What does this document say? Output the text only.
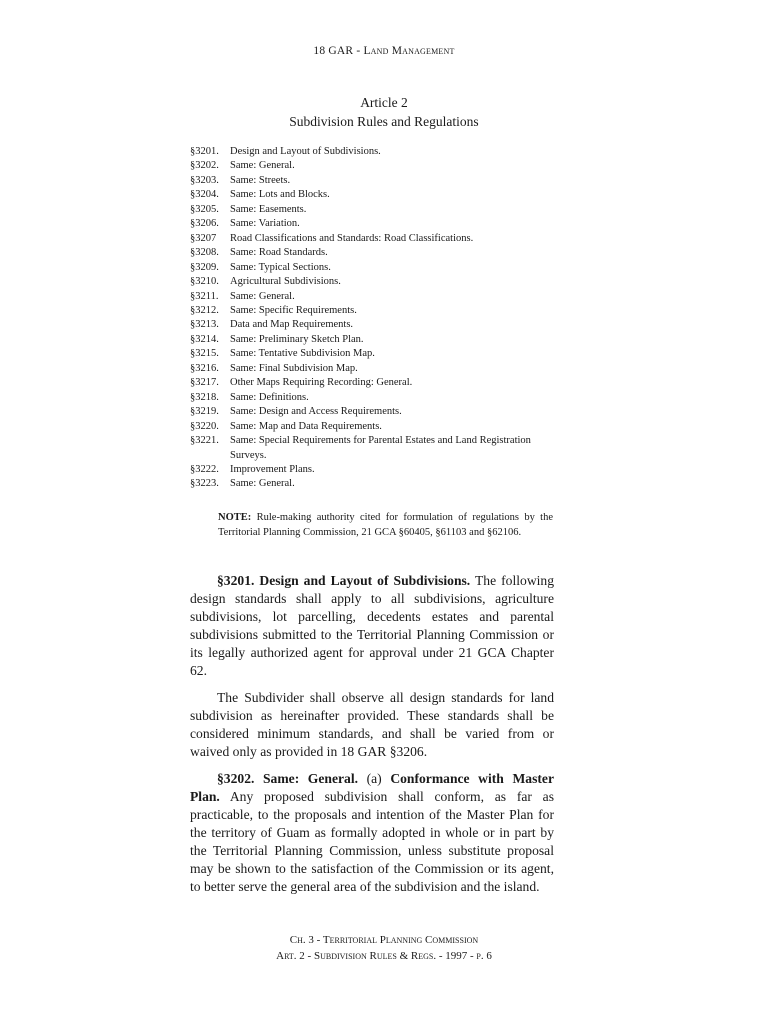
18 GAR - Land Management
Article 2
Subdivision Rules and Regulations
§3201.	Design and Layout of Subdivisions.
§3202.	Same: General.
§3203.	Same: Streets.
§3204.	Same: Lots and Blocks.
§3205.	Same: Easements.
§3206.	Same: Variation.
§3207	Road Classifications and Standards: Road Classifications.
§3208.	Same: Road Standards.
§3209.	Same: Typical Sections.
§3210.	Agricultural Subdivisions.
§3211.	Same: General.
§3212.	Same: Specific Requirements.
§3213.	Data and Map Requirements.
§3214.	Same: Preliminary Sketch Plan.
§3215.	Same: Tentative Subdivision Map.
§3216.	Same: Final Subdivision Map.
§3217.	Other Maps Requiring Recording: General.
§3218.	Same: Definitions.
§3219.	Same: Design and Access Requirements.
§3220.	Same: Map and Data Requirements.
§3221.	Same: Special Requirements for Parental Estates and Land Registration Surveys.
§3222.	Improvement Plans.
§3223.	Same: General.
NOTE: Rule-making authority cited for formulation of regulations by the Territorial Planning Commission, 21 GCA §60405, §61103 and §62106.

§3201. Design and Layout of Subdivisions. The following design standards shall apply to all subdivisions, agriculture subdivisions, lot parcelling, decedents estates and parental subdivisions submitted to the Territorial Planning Commission or its legally authorized agent for approval under 21 GCA Chapter 62.

The Subdivider shall observe all design standards for land subdivision as hereinafter provided. These standards shall be considered minimum standards, and shall be varied from or waived only as provided in 18 GAR §3206.

§3202. Same: General. (a) Conformance with Master Plan. Any proposed subdivision shall conform, as far as practicable, to the proposals and intention of the Master Plan for the territory of Guam as formally adopted in whole or in part by the Territorial Planning Commission, unless substitute proposal may be shown to the satisfaction of the Commission or its agent, to better serve the general area of the subdivision and the island.

Ch. 3 - Territorial Planning Commission
Art. 2 - Subdivision Rules & Regs. - 1997 - p. 6
